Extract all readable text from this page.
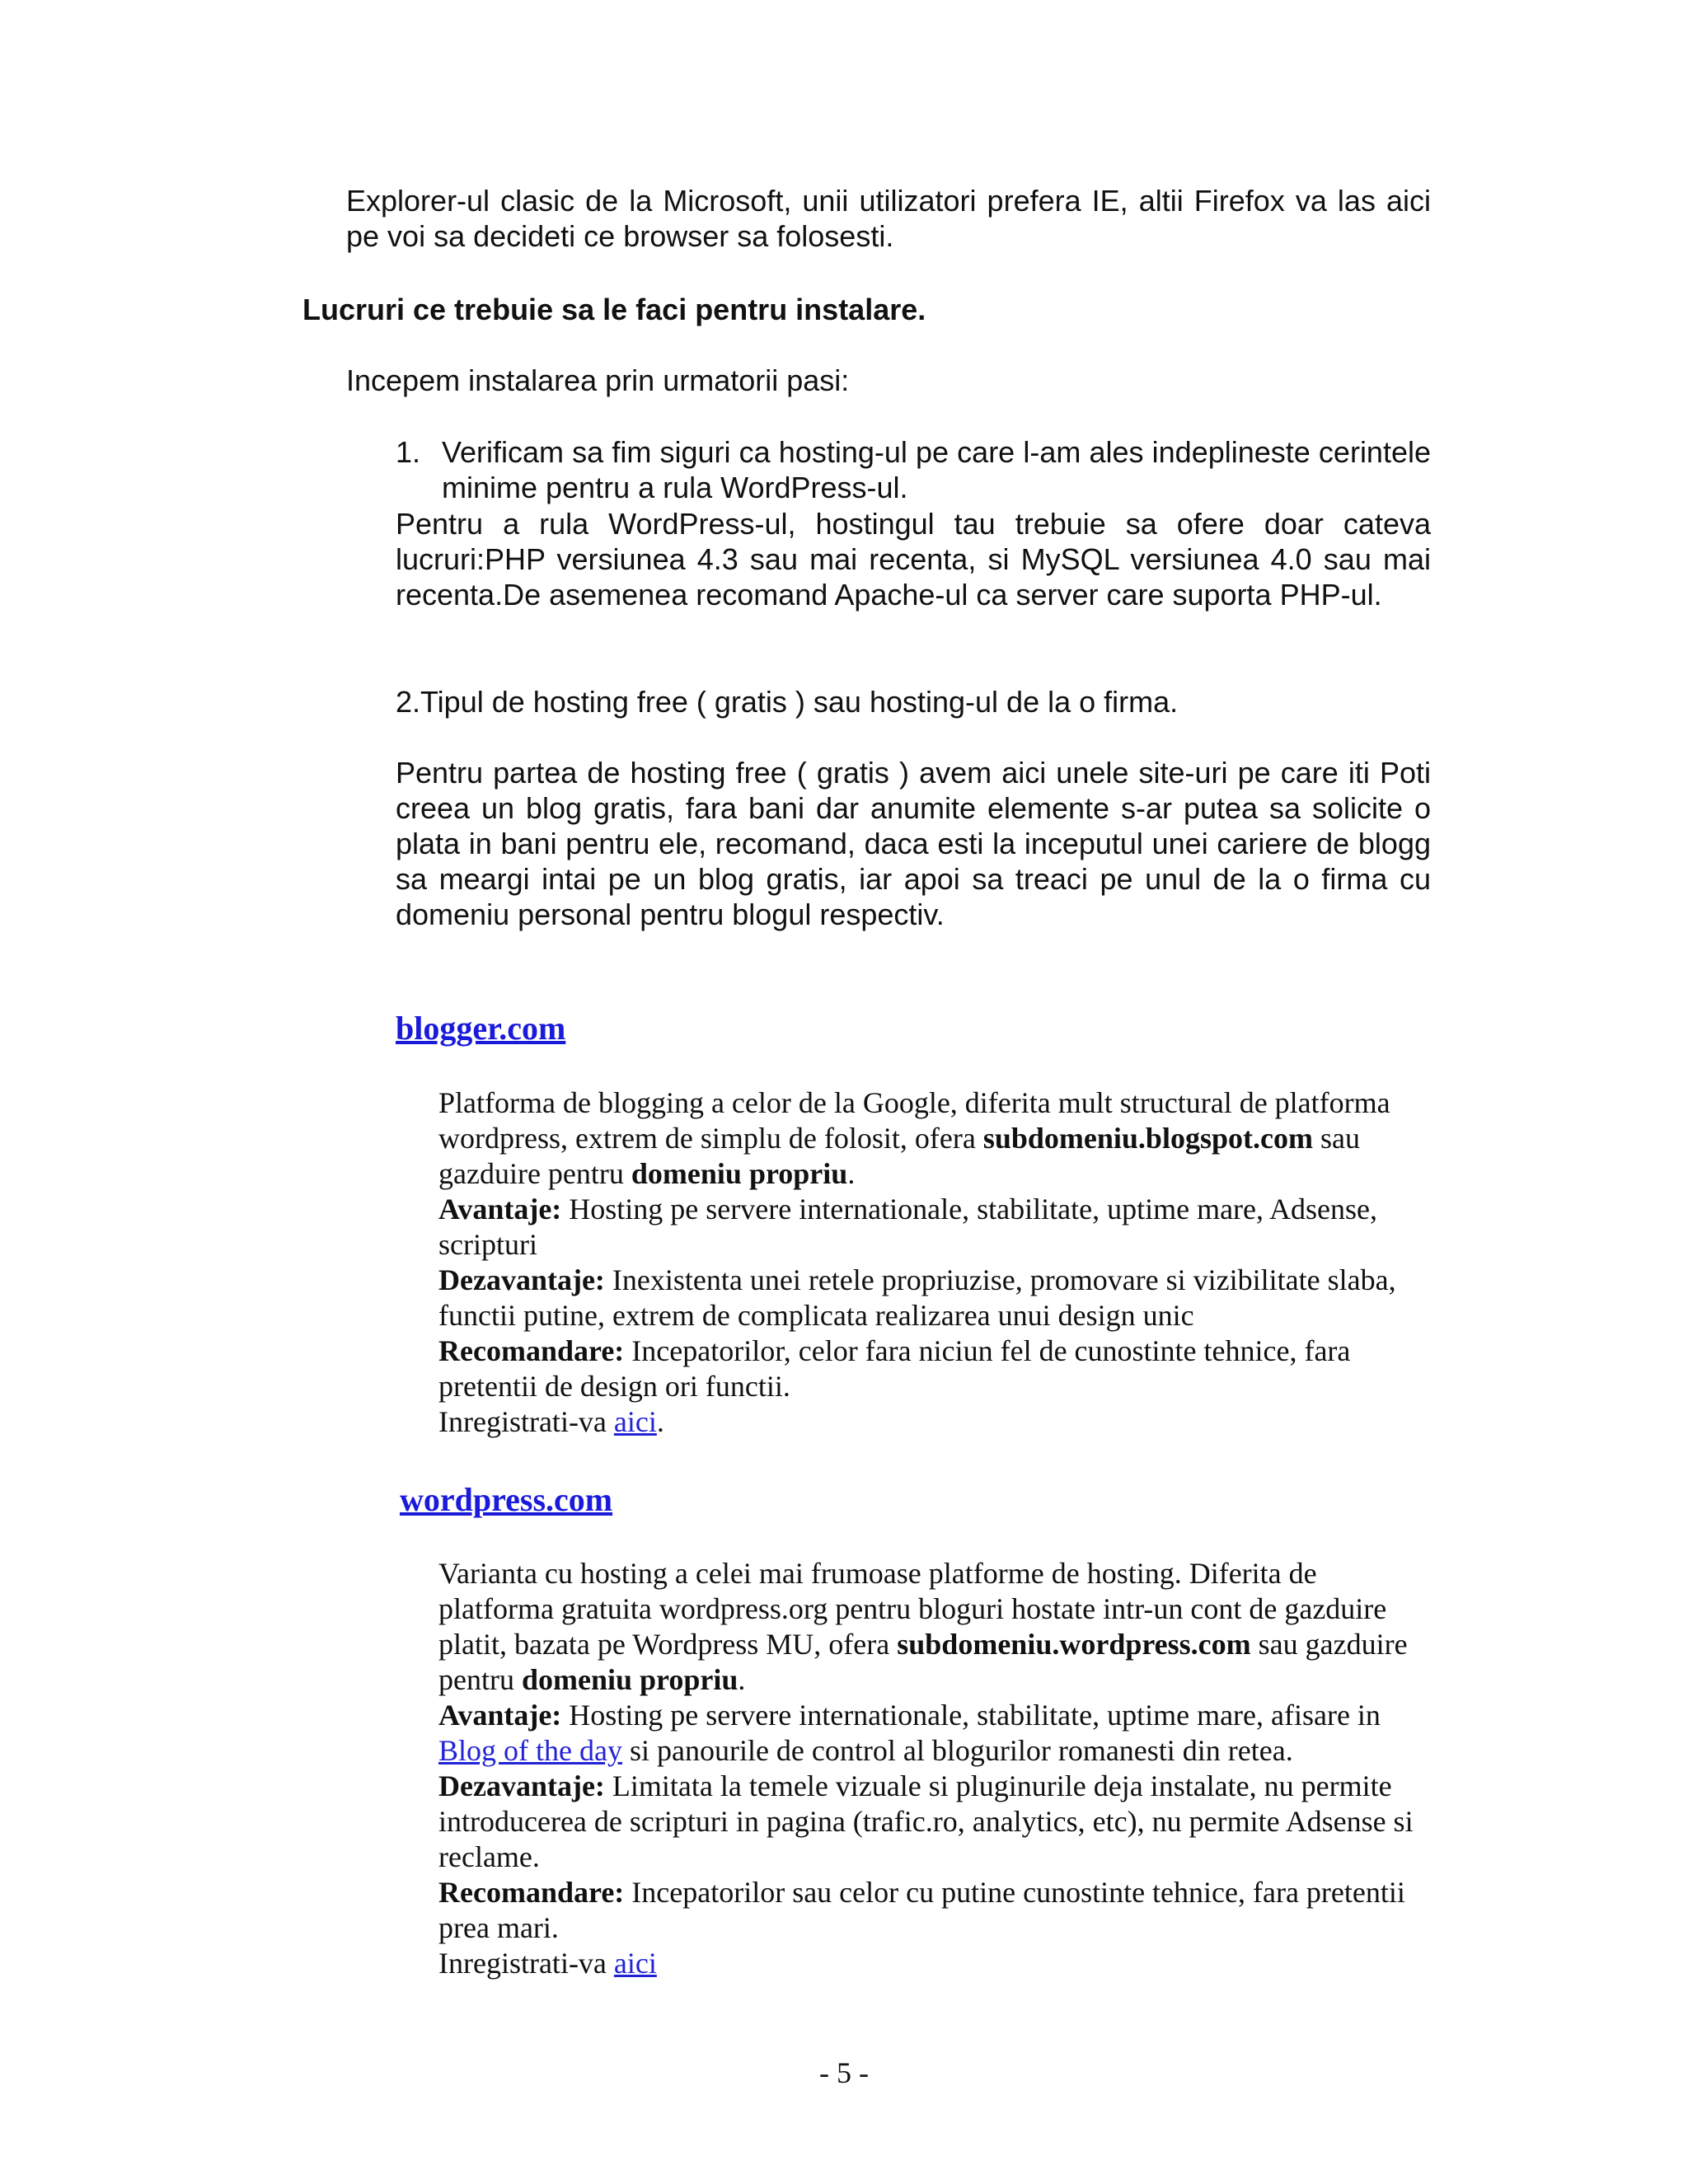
Explorer-ul clasic de la Microsoft, unii utilizatori prefera IE, altii Firefox va las aici pe voi sa decideti ce browser sa folosesti.

Lucruri ce trebuie sa le faci pentru instalare.

Incepem instalarea prin urmatorii pasi:

1. Verificam sa fim siguri ca hosting-ul pe care l-am ales indeplineste cerintele minime pentru a rula WordPress-ul.

Pentru a rula WordPress-ul, hostingul tau trebuie sa ofere doar cateva lucruri:PHP versiunea 4.3 sau mai recenta, si MySQL versiunea 4.0 sau mai recenta.De asemenea recomand Apache-ul ca server care suporta PHP-ul.

2.Tipul de hosting free ( gratis ) sau hosting-ul de la o firma.

Pentru partea de hosting free ( gratis ) avem aici unele site-uri pe care iti Poti creea un blog gratis, fara bani dar anumite elemente s-ar putea sa solicite o plata in bani pentru ele, recomand, daca esti la inceputul unei cariere de blogg sa meargi intai pe un blog gratis, iar apoi sa treaci pe unul de la o firma cu domeniu personal pentru blogul respectiv.

blogger.com
Platforma de blogging a celor de la Google, diferita mult structural de platforma wordpress, extrem de simplu de folosit, ofera subdomeniu.blogspot.com sau gazduire pentru domeniu propriu.
Avantaje: Hosting pe servere internationale, stabilitate, uptime mare, Adsense, scripturi
Dezavantaje: Inexistenta unei retele propriuzise, promovare si vizibilitate slaba, functii putine, extrem de complicata realizarea unui design unic
Recomandare: Incepatorilor, celor fara niciun fel de cunostinte tehnice, fara pretentii de design ori functii.
Inregistrati-va aici.
wordpress.com
Varianta cu hosting a celei mai frumoase platforme de hosting. Diferita de platforma gratuita wordpress.org pentru bloguri hostate intr-un cont de gazduire platit, bazata pe Wordpress MU, ofera subdomeniu.wordpress.com sau gazduire pentru domeniu propriu.
Avantaje: Hosting pe servere internationale, stabilitate, uptime mare, afisare in Blog of the day si panourile de control al blogurilor romanesti din retea.
Dezavantaje: Limitata la temele vizuale si pluginurile deja instalate, nu permite introducerea de scripturi in pagina (trafic.ro, analytics, etc), nu permite Adsense si reclame.
Recomandare: Incepatorilor sau celor cu putine cunostinte tehnice, fara pretentii prea mari.
Inregistrati-va aici
- 5 -
